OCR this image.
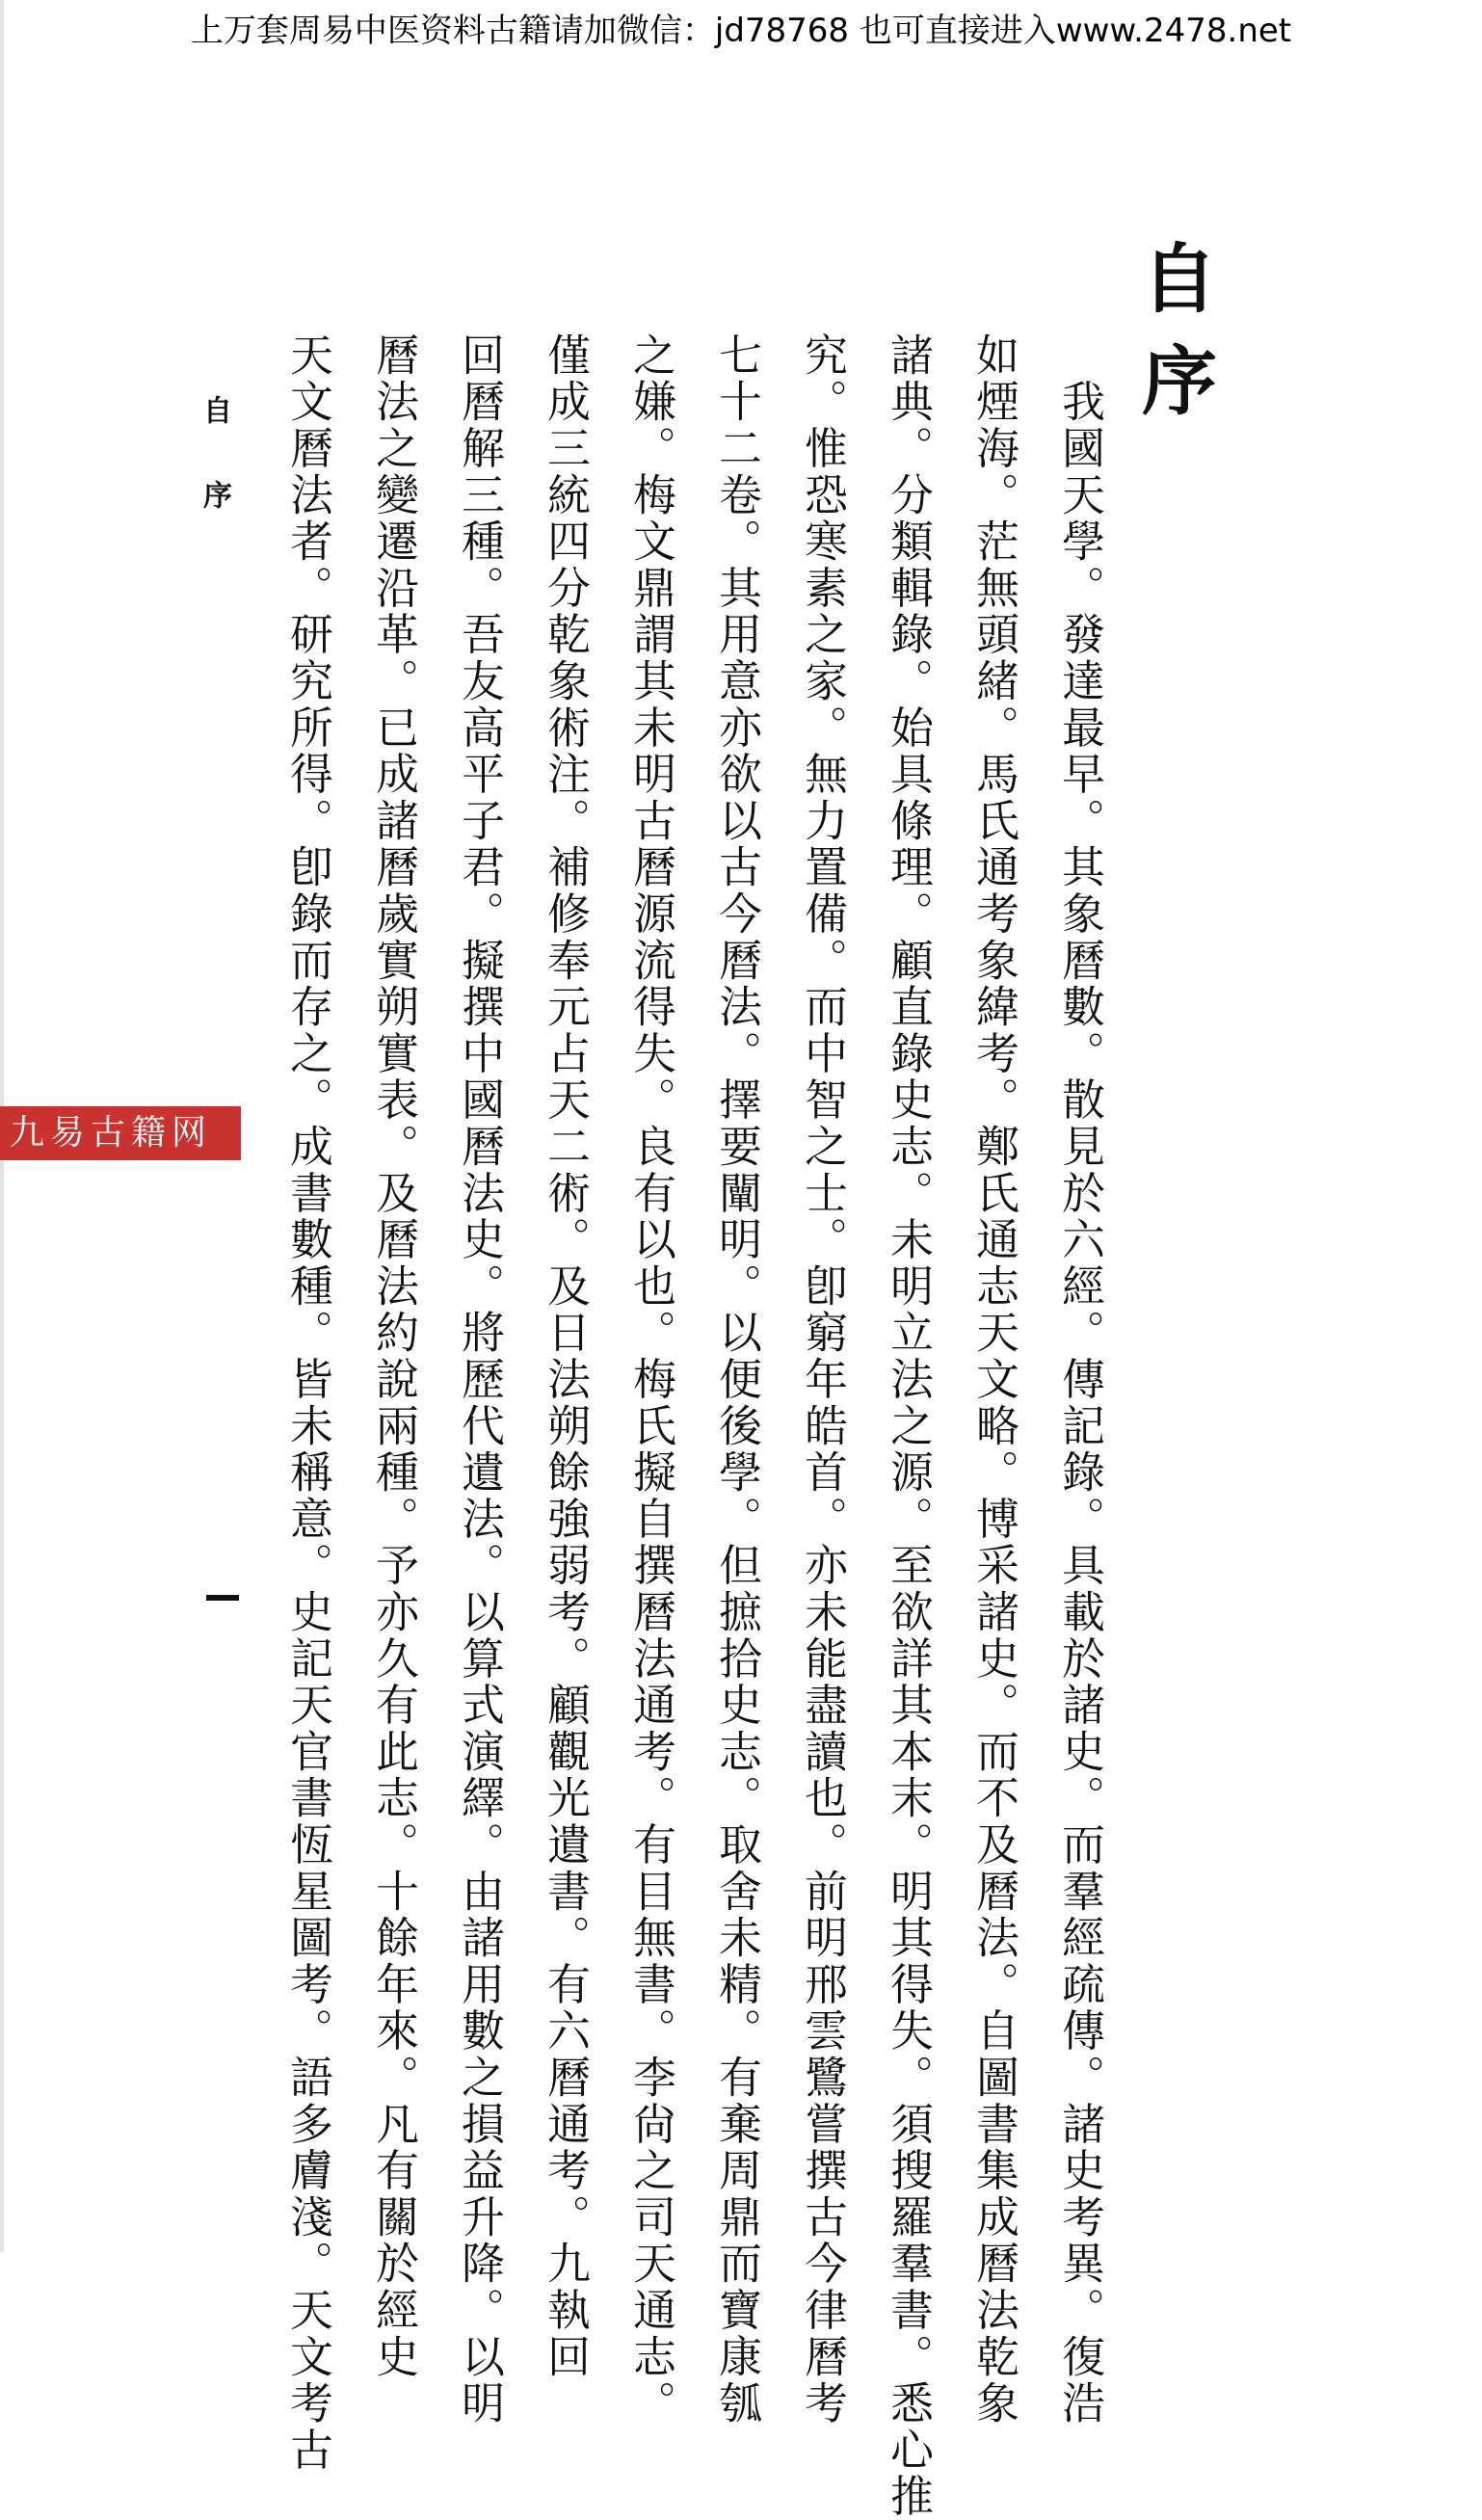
上万套周易中医资料古籍请加微信：jd78768 也可直接进入www.2478.net
自序
　我國天學。發達最早。其象曆數。散見於六經。傳記錄。具載於諸史。而羣經疏傳。諸史考異。復浩
如煙海。茫無頭緒。馬氏通考象緯考。鄭氏通志天文略。博采諸史。而不及曆法。自圖書集成曆法乾象
諸典。分類輯錄。始具條理。顧直錄史志。未明立法之源。至欲詳其本末。明其得失。須搜羅羣書。悉心推
究。惟恐寒素之家。無力置備。而中智之士。卽窮年皓首。亦未能盡讀也。前明邢雲鷺嘗撰古今律曆考
七十二卷。其用意亦欲以古今曆法。擇要闡明。以便後學。但摭拾史志。取舍未精。有棄周鼎而寶康瓠
之嫌。梅文鼎謂其未明古曆源流得失。良有以也。梅氏擬自撰曆法通考。有目無書。李尙之司天通志。
僅成三統四分乾象術注。補修奉元占天二術。及日法朔餘強弱考。顧觀光遺書。有六曆通考。九執回
回曆解三種。吾友高平子君。擬撰中國曆法史。將歷代遺法。以算式演繹。由諸用數之損益升降。以明
曆法之變遷沿革。已成諸曆歲實朔實表。及曆法約說兩種。予亦久有此志。十餘年來。凡有關於經史
天文曆法者。研究所得。卽錄而存之。成書數種。皆未稱意。史記天官書恆星圖考。語多膚淺。天文考古
自序
九易古籍网
